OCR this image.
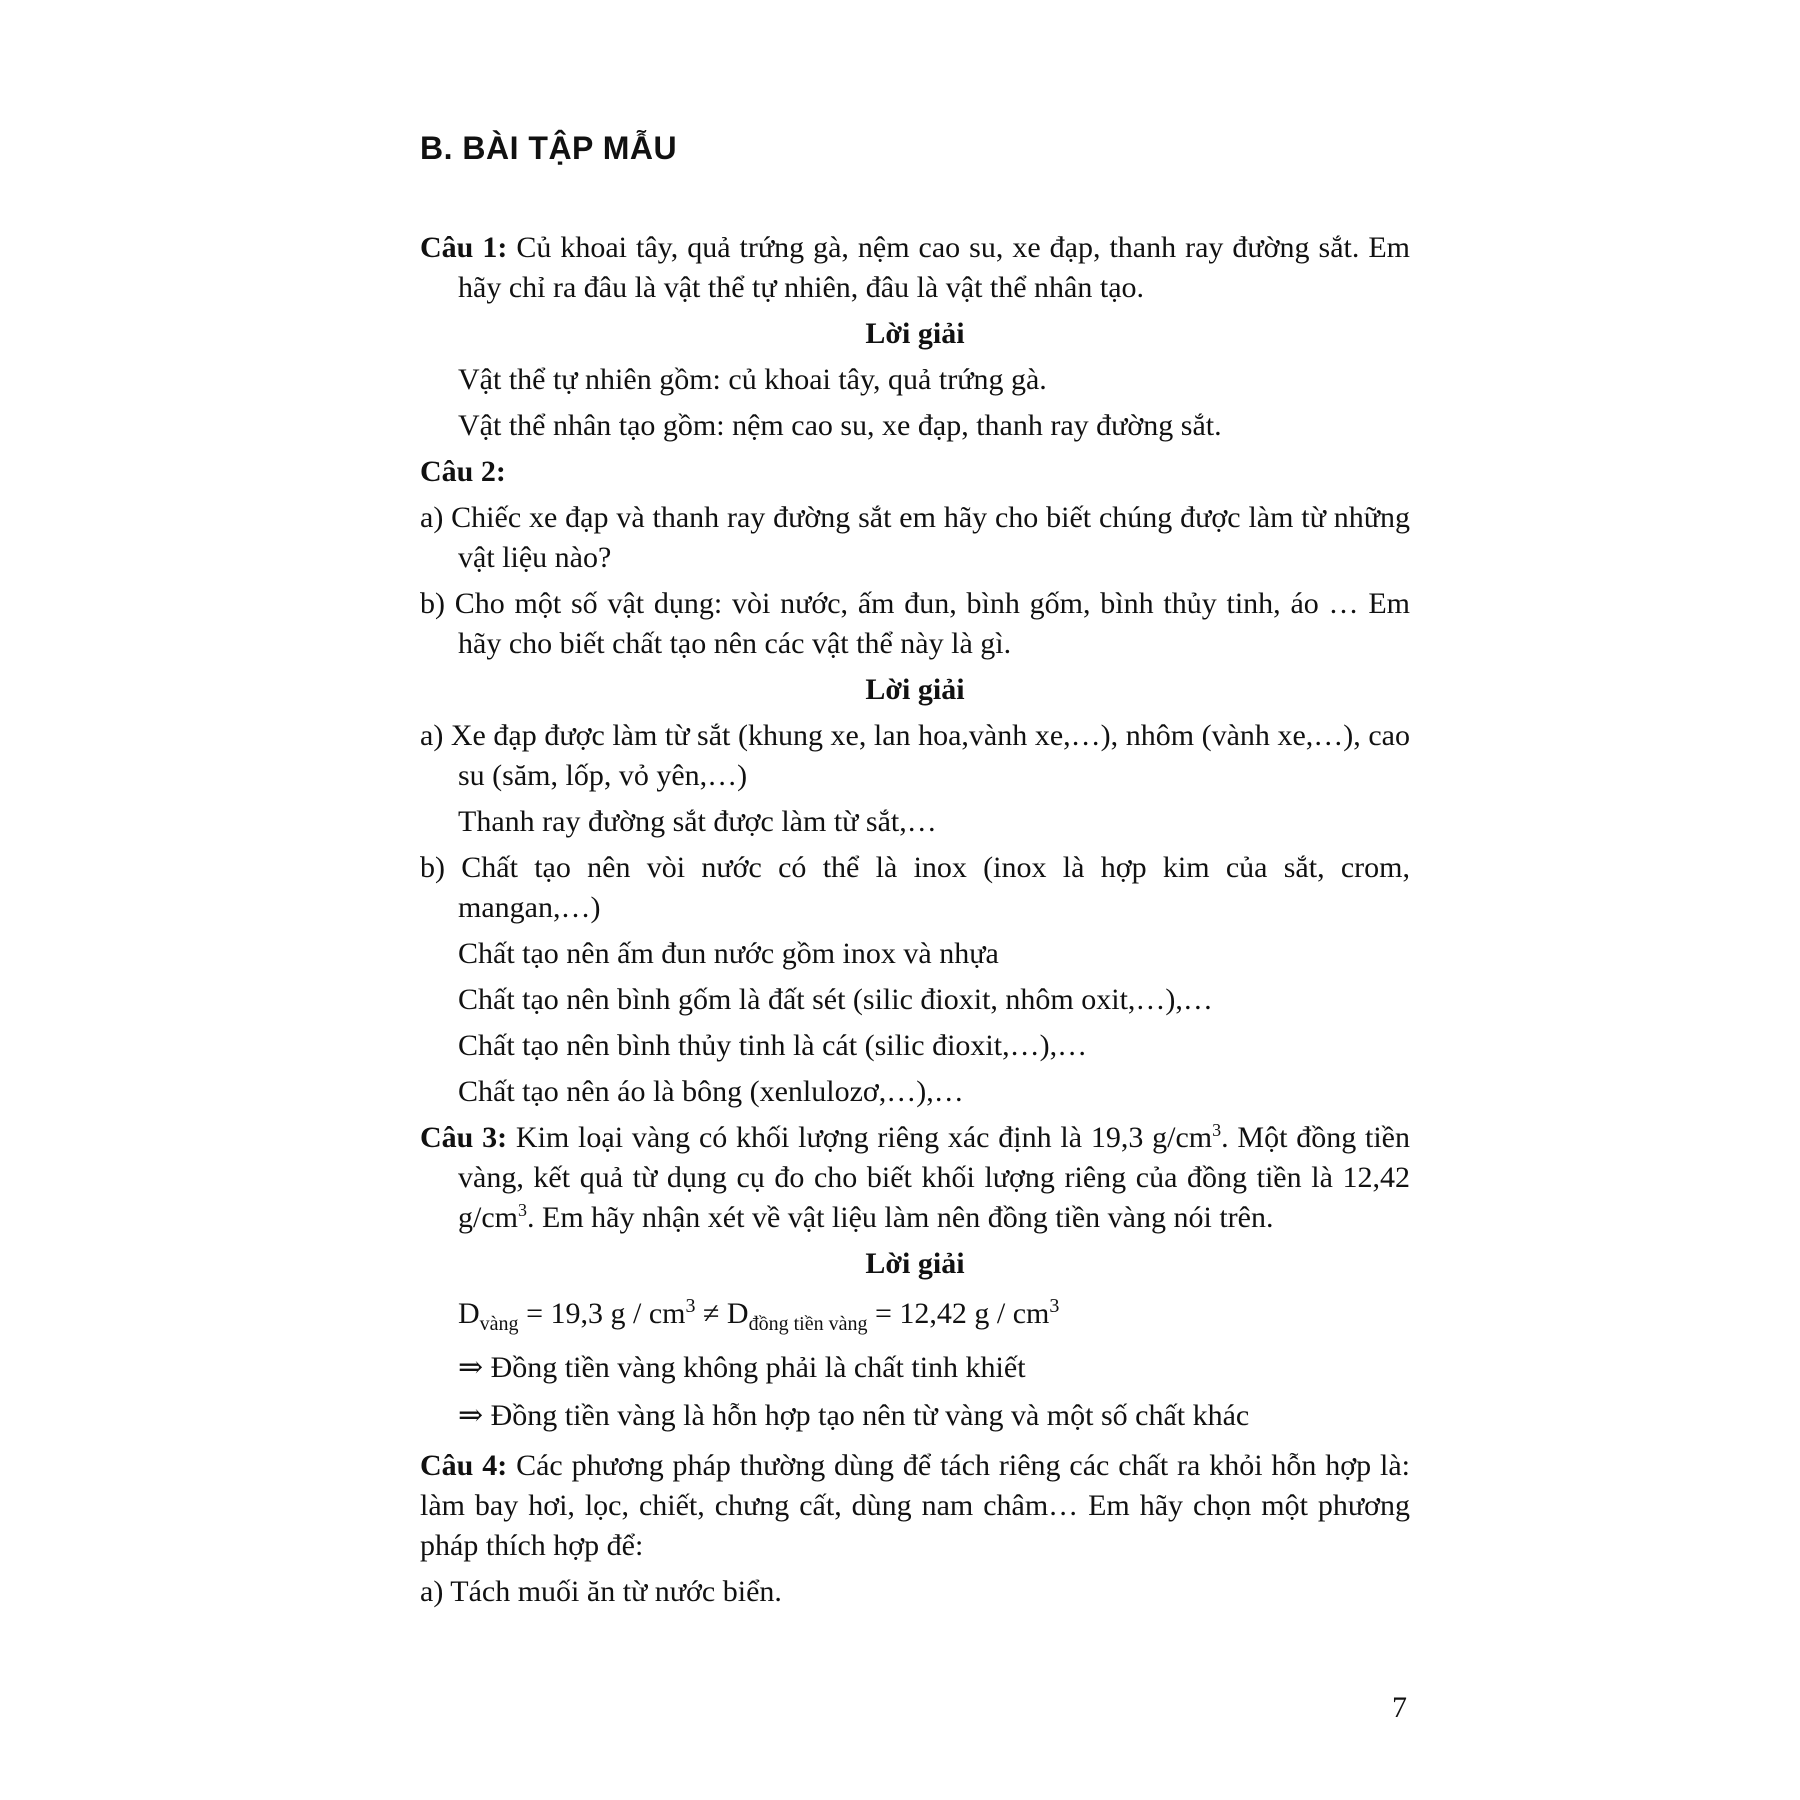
B. BÀI TẬP MẪU

Câu 1: Củ khoai tây, quả trứng gà, nệm cao su, xe đạp, thanh ray đường sắt. Em hãy chỉ ra đâu là vật thể tự nhiên, đâu là vật thể nhân tạo.

Lời giải

Vật thể tự nhiên gồm: củ khoai tây, quả trứng gà.

Vật thể nhân tạo gồm: nệm cao su, xe đạp, thanh ray đường sắt.

Câu 2:

a) Chiếc xe đạp và thanh ray đường sắt em hãy cho biết chúng được làm từ những vật liệu nào?

b) Cho một số vật dụng: vòi nước, ấm đun, bình gốm, bình thủy tinh, áo … Em hãy cho biết chất tạo nên các vật thể này là gì.

Lời giải

a) Xe đạp được làm từ sắt (khung xe, lan hoa,vành xe,…), nhôm (vành xe,…), cao su (săm, lốp, vỏ yên,…)

Thanh ray đường sắt được làm từ sắt,…

b) Chất tạo nên vòi nước có thể là inox (inox là hợp kim của sắt, crom, mangan,…)

Chất tạo nên ấm đun nước gồm inox và nhựa

Chất tạo nên bình gốm là đất sét (silic đioxit, nhôm oxit,…),…

Chất tạo nên bình thủy tinh là cát (silic đioxit,…),…

Chất tạo nên áo là bông (xenlulozơ,…),…

Câu 3: Kim loại vàng có khối lượng riêng xác định là 19,3 $g/cm^3$. Một đồng tiền vàng, kết quả từ dụng cụ đo cho biết khối lượng riêng của đồng tiền là 12,42 $g/cm^3$. Em hãy nhận xét về vật liệu làm nên đồng tiền vàng nói trên.

Lời giải

$D_{vàng} = 19,3$ $g / cm^3 \ne D_{đồng tiền vàng} = 12,42$ g / $cm^3$

⇒ Đồng tiền vàng không phải là chất tinh khiết

⇒ Đồng tiền vàng là hỗn hợp tạo nên từ vàng và một số chất khác

Câu 4: Các phương pháp thường dùng để tách riêng các chất ra khỏi hỗn hợp là: làm bay hơi, lọc, chiết, chưng cất, dùng nam châm… Em hãy chọn một phương pháp thích hợp để:

a) Tách muối ăn từ nước biển.

7
